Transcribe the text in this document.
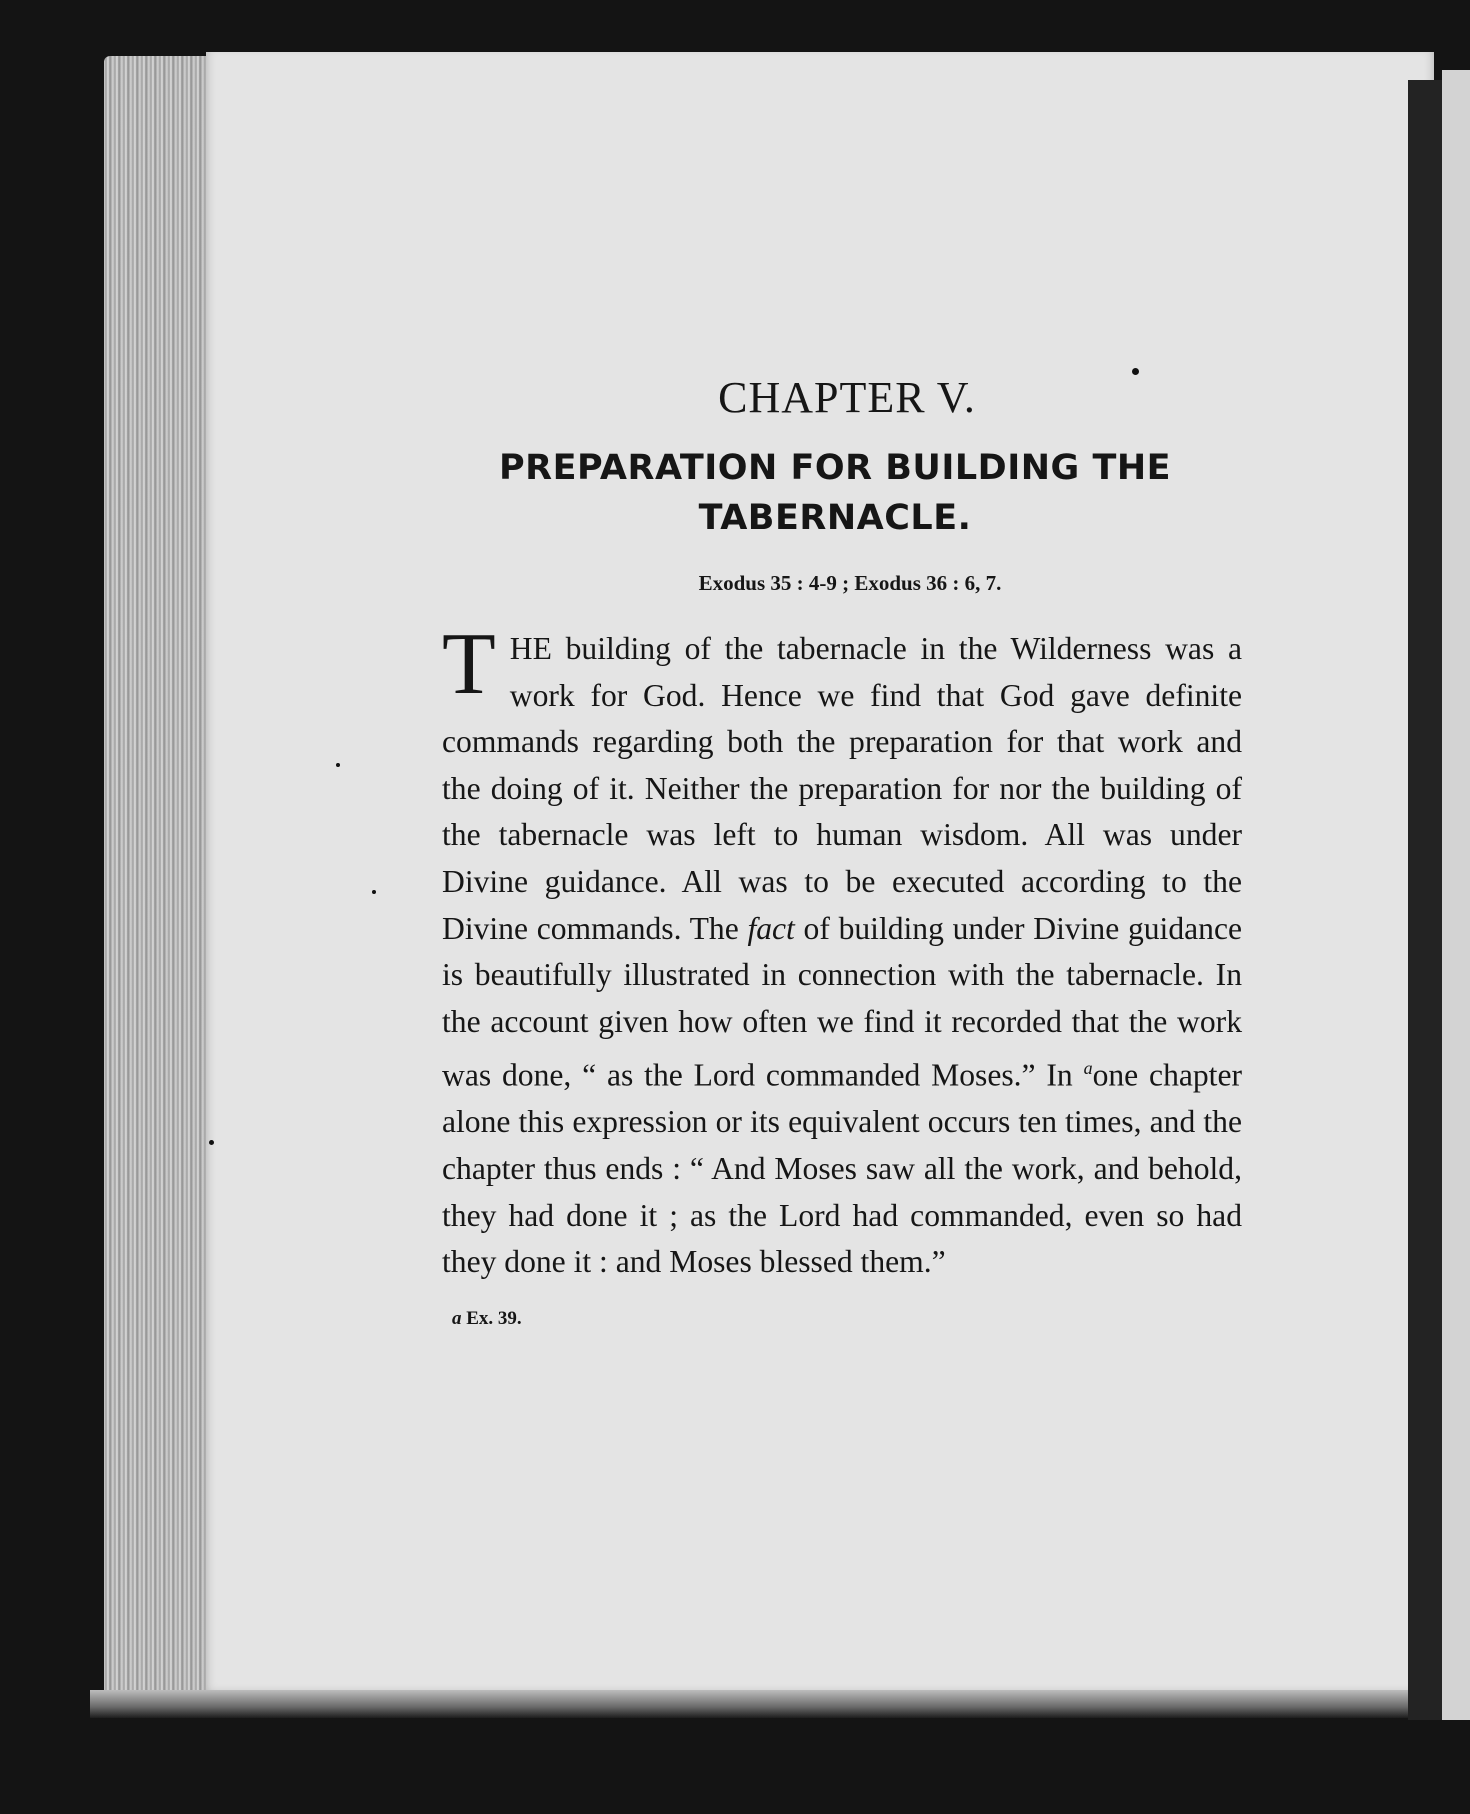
CHAPTER V.
PREPARATION FOR BUILDING THE
TABERNACLE.
Exodus 35 : 4-9 ; Exodus 36 : 6, 7.

THE building of the tabernacle in the Wilderness was a work for God. Hence we find that God gave definite commands regarding both the preparation for that work and the doing of it. Neither the preparation for nor the building of the tabernacle was left to human wisdom. All was under Divine guidance. All was to be executed according to the Divine commands. The fact of building under Divine guidance is beautifully illustrated in connection with the tabernacle. In the account given how often we find it recorded that the work was done, “ as the Lord commanded Moses.” In $^a$one chapter alone this expression or its equivalent occurs ten times, and the chapter thus ends : “ And Moses saw all the work, and behold, they had done it ; as the Lord had commanded, even so had they done it : and Moses blessed them.”

a Ex. 39.
